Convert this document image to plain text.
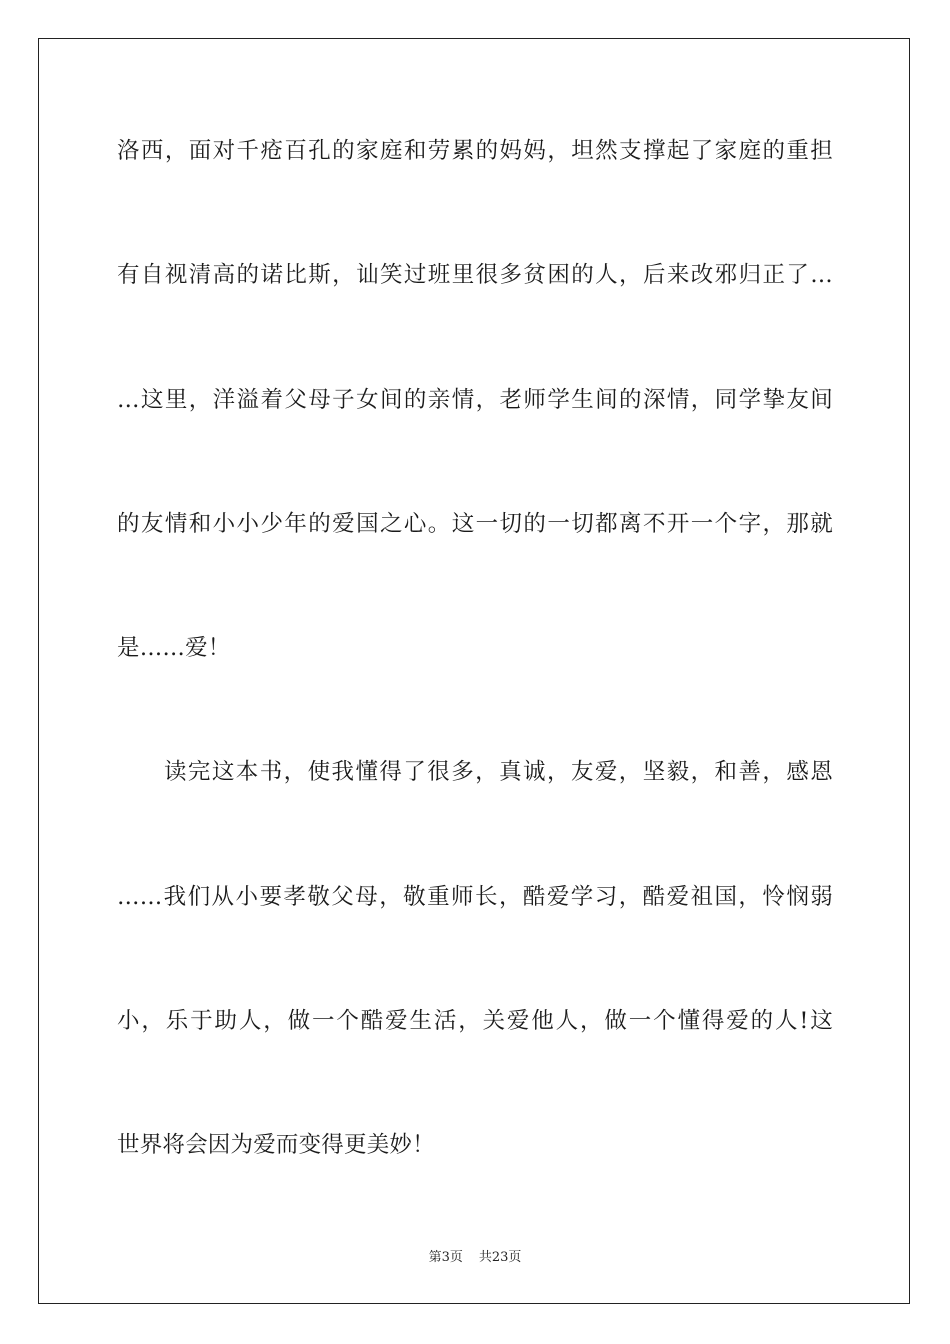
洛西，面对千疮百孔的家庭和劳累的妈妈，坦然支撑起了家庭的重担
有自视清高的诺比斯，讪笑过班里很多贫困的人，后来改邪归正了…
…这里，洋溢着父母子女间的亲情，老师学生间的深情，同学挚友间
的友情和小小少年的爱国之心。这一切的一切都离不开一个字，那就
是……爱！
读完这本书，使我懂得了很多，真诚，友爱，坚毅，和善，感恩
……我们从小要孝敬父母，敬重师长，酷爱学习，酷爱祖国，怜悯弱
小，乐于助人，做一个酷爱生活，关爱他人，做一个懂得爱的人!这
世界将会因为爱而变得更美妙！
第3页 共23页
